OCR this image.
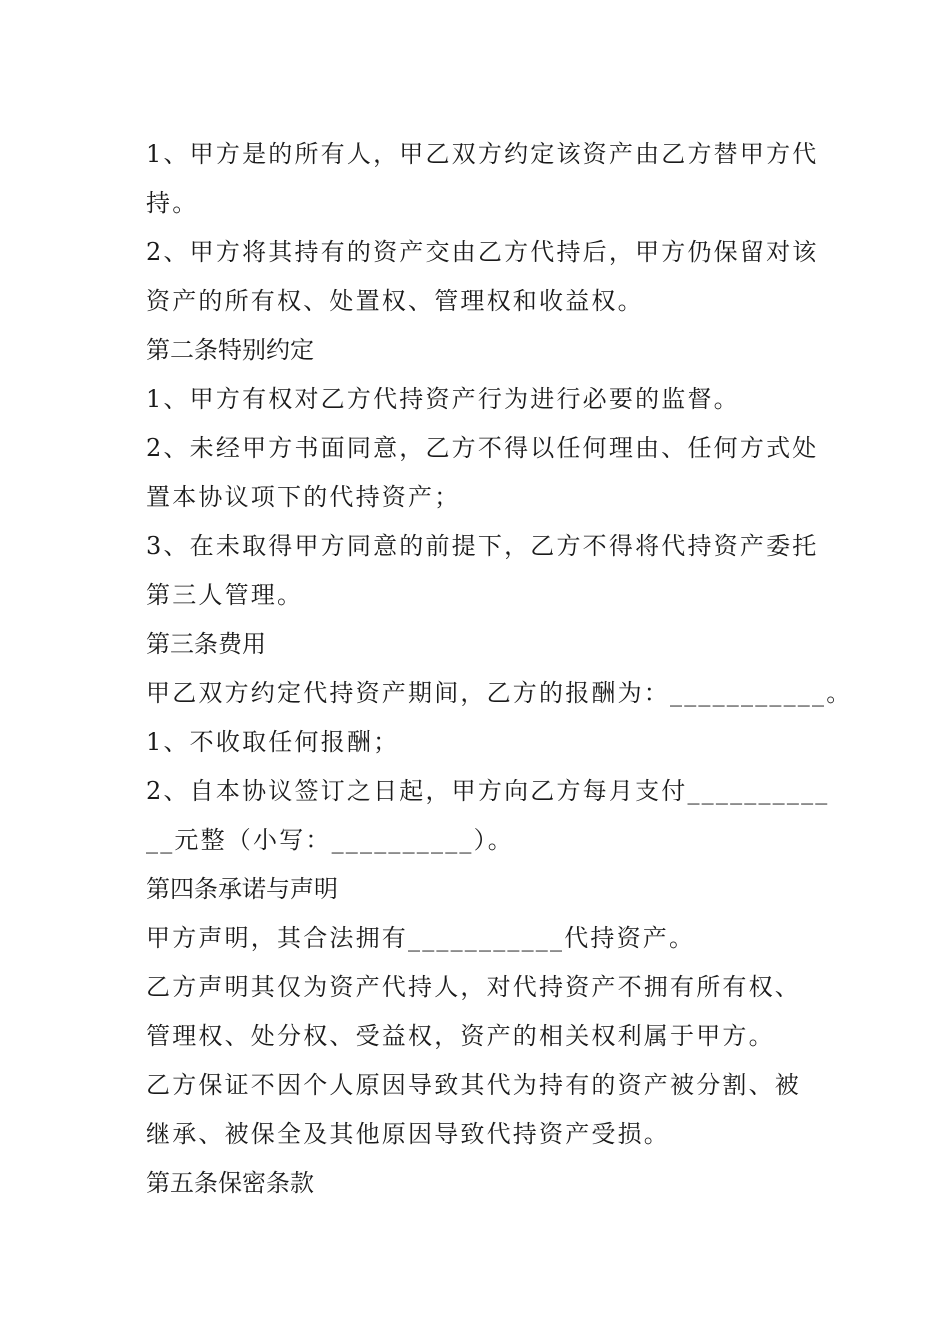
1、甲方是的所有人，甲乙双方约定该资产由乙方替甲方代
持。
2、甲方将其持有的资产交由乙方代持后，甲方仍保留对该
资产的所有权、处置权、管理权和收益权。
第二条特别约定
1、甲方有权对乙方代持资产行为进行必要的监督。
2、未经甲方书面同意，乙方不得以任何理由、任何方式处
置本协议项下的代持资产；
3、在未取得甲方同意的前提下，乙方不得将代持资产委托
第三人管理。
第三条费用
甲乙双方约定代持资产期间，乙方的报酬为：___________。
1、不收取任何报酬；
2、自本协议签订之日起，甲方向乙方每月支付__________
__元整（小写：__________）。
第四条承诺与声明
甲方声明，其合法拥有___________代持资产。
乙方声明其仅为资产代持人，对代持资产不拥有所有权、
管理权、处分权、受益权，资产的相关权利属于甲方。
乙方保证不因个人原因导致其代为持有的资产被分割、被
继承、被保全及其他原因导致代持资产受损。
第五条保密条款
